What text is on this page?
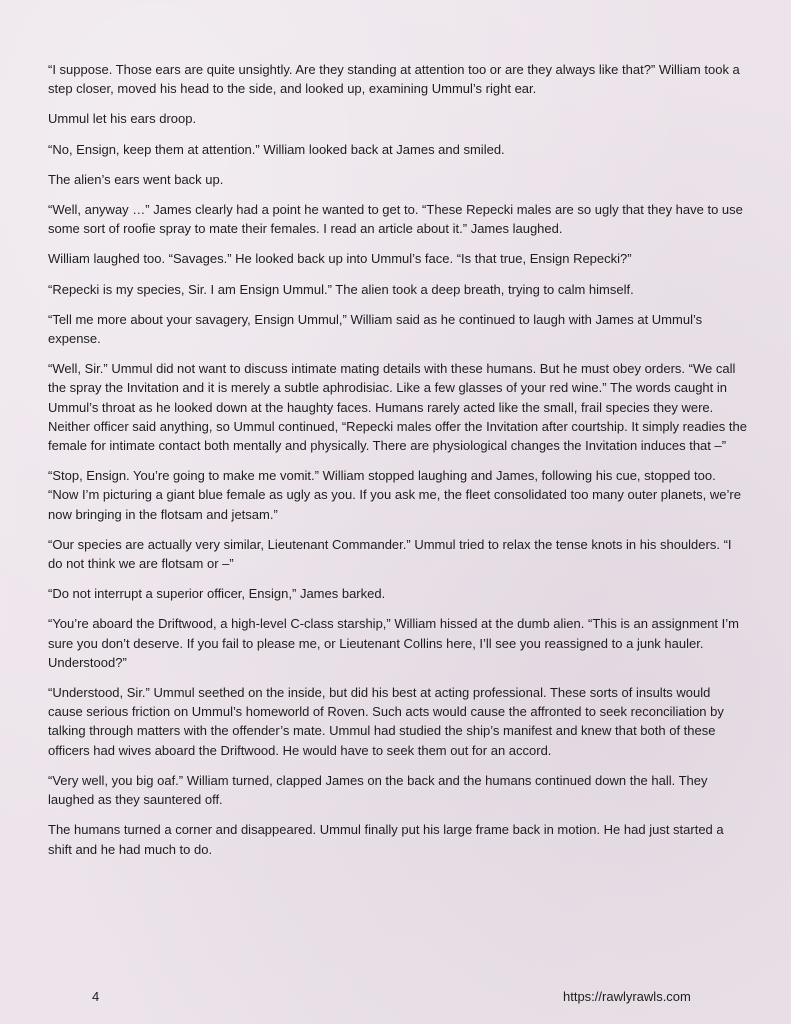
“I suppose. Those ears are quite unsightly. Are they standing at attention too or are they always like that?” William took a step closer, moved his head to the side, and looked up, examining Ummul’s right ear.

Ummul let his ears droop.

“No, Ensign, keep them at attention.” William looked back at James and smiled.

The alien’s ears went back up.

“Well, anyway …” James clearly had a point he wanted to get to. “These Repecki males are so ugly that they have to use some sort of roofie spray to mate their females. I read an article about it.” James laughed.

William laughed too. “Savages.” He looked back up into Ummul’s face. “Is that true, Ensign Repecki?”

“Repecki is my species, Sir. I am Ensign Ummul.” The alien took a deep breath, trying to calm himself.

“Tell me more about your savagery, Ensign Ummul,” William said as he continued to laugh with James at Ummul’s expense.

“Well, Sir.” Ummul did not want to discuss intimate mating details with these humans. But he must obey orders. “We call the spray the Invitation and it is merely a subtle aphrodisiac. Like a few glasses of your red wine.” The words caught in Ummul’s throat as he looked down at the haughty faces. Humans rarely acted like the small, frail species they were. Neither officer said anything, so Ummul continued, “Repecki males offer the Invitation after courtship. It simply readies the female for intimate contact both mentally and physically. There are physiological changes the Invitation induces that –”

“Stop, Ensign. You’re going to make me vomit.” William stopped laughing and James, following his cue, stopped too. “Now I’m picturing a giant blue female as ugly as you. If you ask me, the fleet consolidated too many outer planets, we’re now bringing in the flotsam and jetsam.”

“Our species are actually very similar, Lieutenant Commander.” Ummul tried to relax the tense knots in his shoulders. “I do not think we are flotsam or –”

“Do not interrupt a superior officer, Ensign,” James barked.

“You’re aboard the Driftwood, a high-level C-class starship,” William hissed at the dumb alien. “This is an assignment I’m sure you don’t deserve. If you fail to please me, or Lieutenant Collins here, I’ll see you reassigned to a junk hauler. Understood?”

“Understood, Sir.” Ummul seethed on the inside, but did his best at acting professional. These sorts of insults would cause serious friction on Ummul’s homeworld of Roven. Such acts would cause the affronted to seek reconciliation by talking through matters with the offender’s mate. Ummul had studied the ship’s manifest and knew that both of these officers had wives aboard the Driftwood. He would have to seek them out for an accord.

“Very well, you big oaf.” William turned, clapped James on the back and the humans continued down the hall. They laughed as they sauntered off.

The humans turned a corner and disappeared. Ummul finally put his large frame back in motion. He had just started a shift and he had much to do.

4	https://rawlyrawls.com
